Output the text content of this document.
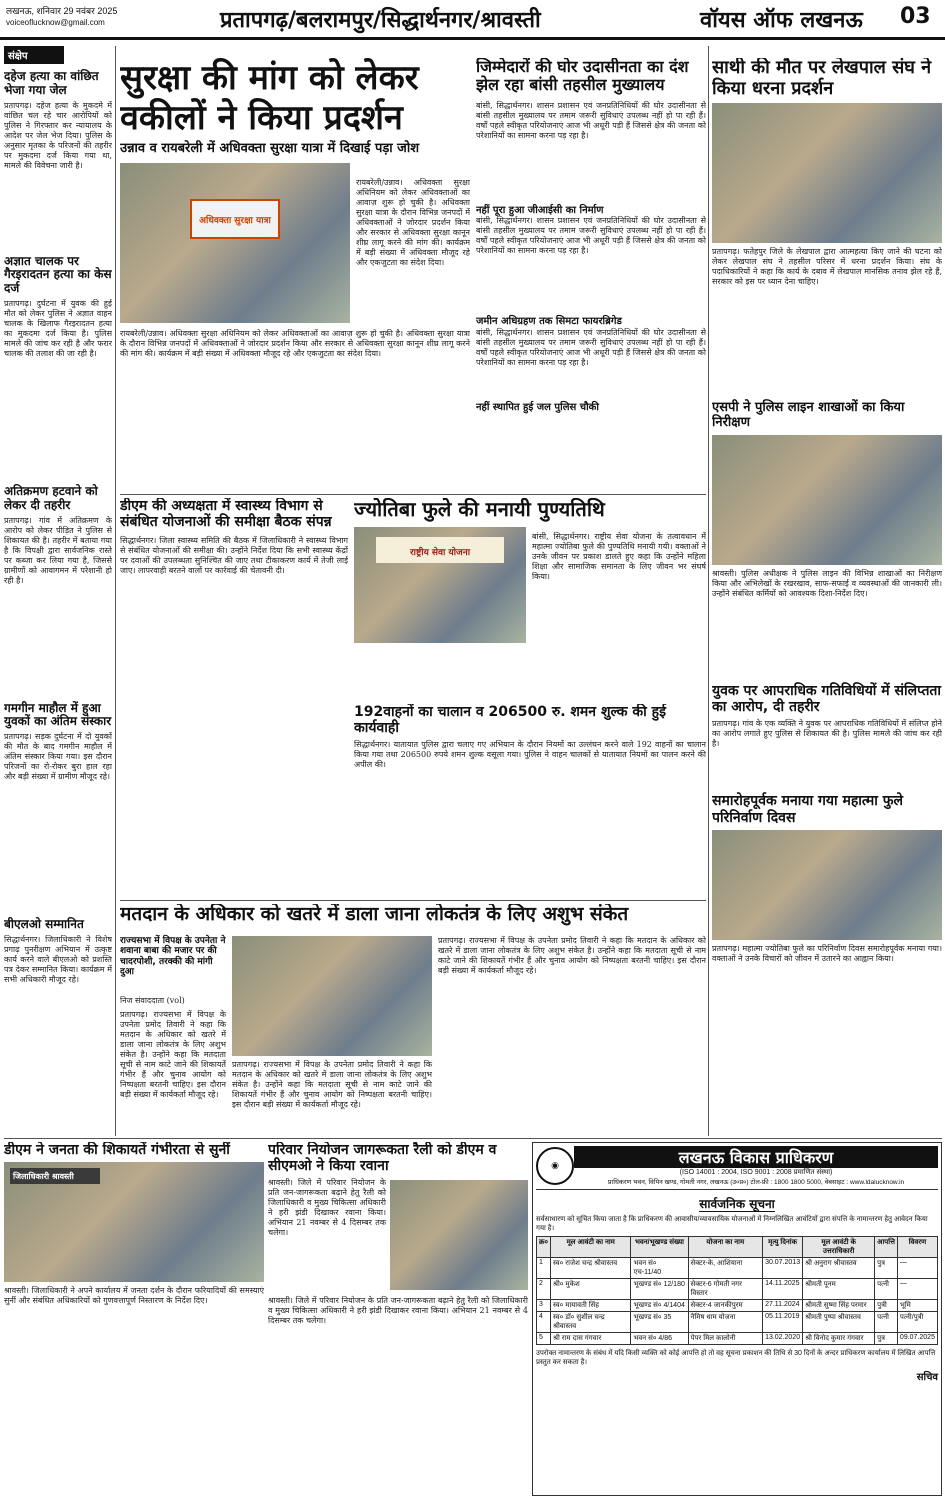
लखनऊ, शनिवार 29 नवंबर 2025
voiceoflucknow@gmail.com	प्रतापगढ़/बलरामपुर/सिद्धार्थनगर/श्रावस्ती	वॉयस ऑफ लखनऊ 03
संक्षेप
दहेज हत्या का वांछित भेजा गया जेल
प्रतापगढ़। दहेज हत्या के मुकदमे में वांछित चल रहे चार आरोपियों को पुलिस ने गिरफ्तार कर न्यायालय के आदेश पर जेल भेज दिया। पुलिस के अनुसार मृतका के परिजनों की तहरीर पर मुकदमा दर्ज किया गया था, मामले की विवेचना जारी है।
अज्ञात चालक पर गैरइरादतन हत्या का केस दर्ज
प्रतापगढ़। दुर्घटना में युवक की हुई मौत को लेकर पुलिस ने अज्ञात वाहन चालक के खिलाफ गैरइरादतन हत्या का मुकदमा दर्ज किया है। पुलिस मामले की जांच कर रही है और फरार चालक की तलाश की जा रही है।
अतिक्रमण हटवाने को लेकर दी तहरीर
प्रतापगढ़। गांव में अतिक्रमण के आरोप को लेकर पीड़ित ने पुलिस से शिकायत की है। तहरीर में बताया गया है कि विपक्षी द्वारा सार्वजनिक रास्ते पर कब्जा कर लिया गया है, जिससे ग्रामीणों को आवागमन में परेशानी हो रही है।
गमगीन माहौल में हुआ युवकों का अंतिम संस्कार
प्रतापगढ़। सड़क दुर्घटना में दो युवकों की मौत के बाद गमगीन माहौल में अंतिम संस्कार किया गया। इस दौरान परिजनों का रो-रोकर बुरा हाल रहा और बड़ी संख्या में ग्रामीण मौजूद रहे।
बीएलओ सम्मानित
सिद्धार्थनगर। जिलाधिकारी ने विशेष प्रगाढ़ पुनरीक्षण अभियान में उत्कृष्ट कार्य करने वाले बीएलओ को प्रशस्ति पत्र देकर सम्मानित किया। कार्यक्रम में सभी अधिकारी मौजूद रहे।
सुरक्षा की मांग को लेकर वकीलों ने किया प्रदर्शन
उन्नाव व रायबरेली में अधिवक्ता सुरक्षा यात्रा में दिखाई पड़ा जोश
अधिवक्ता सुरक्षा यात्रा
रायबरेली/उन्नाव। अधिवक्ता सुरक्षा अधिनियम को लेकर अधिवक्ताओं का आवाज़ शुरू हो चुकी है। अधिवक्ता सुरक्षा यात्रा के दौरान विभिन्न जनपदों में अधिवक्ताओं ने जोरदार प्रदर्शन किया और सरकार से अधिवक्ता सुरक्षा कानून शीघ्र लागू करने की मांग की। कार्यक्रम में बड़ी संख्या में अधिवक्ता मौजूद रहे और एकजुटता का संदेश दिया।
रायबरेली/उन्नाव। अधिवक्ता सुरक्षा अधिनियम को लेकर अधिवक्ताओं का आवाज़ शुरू हो चुकी है। अधिवक्ता सुरक्षा यात्रा के दौरान विभिन्न जनपदों में अधिवक्ताओं ने जोरदार प्रदर्शन किया और सरकार से अधिवक्ता सुरक्षा कानून शीघ्र लागू करने की मांग की। कार्यक्रम में बड़ी संख्या में अधिवक्ता मौजूद रहे और एकजुटता का संदेश दिया।
जिम्मेदारों की घोर उदासीनता का दंश झेल रहा बांसी तहसील मुख्यालय
बांसी, सिद्धार्थनगर। शासन प्रशासन एवं जनप्रतिनिधियों की घोर उदासीनता से बांसी तहसील मुख्यालय पर तमाम जरूरी सुविधाएं उपलब्ध नहीं हो पा रही हैं। वर्षों पहले स्वीकृत परियोजनाएं आज भी अधूरी पड़ी हैं जिससे क्षेत्र की जनता को परेशानियों का सामना करना पड़ रहा है।
नहीं पूरा हुआ जीआईसी का निर्माण
बांसी, सिद्धार्थनगर। शासन प्रशासन एवं जनप्रतिनिधियों की घोर उदासीनता से बांसी तहसील मुख्यालय पर तमाम जरूरी सुविधाएं उपलब्ध नहीं हो पा रही हैं। वर्षों पहले स्वीकृत परियोजनाएं आज भी अधूरी पड़ी हैं जिससे क्षेत्र की जनता को परेशानियों का सामना करना पड़ रहा है।
जमीन अधिग्रहण तक सिमटा फायरब्रिगेड
बांसी, सिद्धार्थनगर। शासन प्रशासन एवं जनप्रतिनिधियों की घोर उदासीनता से बांसी तहसील मुख्यालय पर तमाम जरूरी सुविधाएं उपलब्ध नहीं हो पा रही हैं। वर्षों पहले स्वीकृत परियोजनाएं आज भी अधूरी पड़ी हैं जिससे क्षेत्र की जनता को परेशानियों का सामना करना पड़ रहा है।
नहीं स्थापित हुई जल पुलिस चौकी
साथी की मौत पर लेखपाल संघ ने किया धरना प्रदर्शन
प्रतापगढ़। फतेहपुर जिले के लेखपाल द्वारा आत्महत्या किए जाने की घटना को लेकर लेखपाल संघ ने तहसील परिसर में धरना प्रदर्शन किया। संघ के पदाधिकारियों ने कहा कि कार्य के दबाव में लेखपाल मानसिक तनाव झेल रहे हैं, सरकार को इस पर ध्यान देना चाहिए।
एसपी ने पुलिस लाइन शाखाओं का किया निरीक्षण
श्रावस्ती। पुलिस अधीक्षक ने पुलिस लाइन की विभिन्न शाखाओं का निरीक्षण किया और अभिलेखों के रखरखाव, साफ-सफाई व व्यवस्थाओं की जानकारी ली। उन्होंने संबंधित कर्मियों को आवश्यक दिशा-निर्देश दिए।
युवक पर आपराधिक गतिविधियों में संलिप्तता का आरोप, दी तहरीर
प्रतापगढ़। गांव के एक व्यक्ति ने युवक पर आपराधिक गतिविधियों में संलिप्त होने का आरोप लगाते हुए पुलिस से शिकायत की है। पुलिस मामले की जांच कर रही है।
समारोहपूर्वक मनाया गया महात्मा फुले परिनिर्वाण दिवस
प्रतापगढ़। महात्मा ज्योतिबा फुले का परिनिर्वाण दिवस समारोहपूर्वक मनाया गया। वक्ताओं ने उनके विचारों को जीवन में उतारने का आह्वान किया।
डीएम की अध्यक्षता में स्वास्थ्य विभाग से संबंधित योजनाओं की समीक्षा बैठक संपन्न
सिद्धार्थनगर। जिला स्वास्थ्य समिति की बैठक में जिलाधिकारी ने स्वास्थ्य विभाग से संबंधित योजनाओं की समीक्षा की। उन्होंने निर्देश दिया कि सभी स्वास्थ्य केंद्रों पर दवाओं की उपलब्धता सुनिश्चित की जाए तथा टीकाकरण कार्य में तेजी लाई जाए। लापरवाही बरतने वालों पर कार्रवाई की चेतावनी दी।
ज्योतिबा फुले की मनायी पुण्यतिथि
राष्ट्रीय सेवा योजना
बांसी, सिद्धार्थनगर। राष्ट्रीय सेवा योजना के तत्वावधान में महात्मा ज्योतिबा फुले की पुण्यतिथि मनायी गयी। वक्ताओं ने उनके जीवन पर प्रकाश डालते हुए कहा कि उन्होंने महिला शिक्षा और सामाजिक समानता के लिए जीवन भर संघर्ष किया।
192वाहनों का चालान व 206500 रु. शमन शुल्क की हुई कार्यवाही
सिद्धार्थनगर। यातायात पुलिस द्वारा चलाए गए अभियान के दौरान नियमों का उल्लंघन करने वाले 192 वाहनों का चालान किया गया तथा 206500 रुपये शमन शुल्क वसूला गया। पुलिस ने वाहन चालकों से यातायात नियमों का पालन करने की अपील की।
मतदान के अधिकार को खतरे में डाला जाना लोकतंत्र के लिए अशुभ संकेत
राज्यसभा में विपक्ष के उपनेता ने शवाना बाबा की मजार पर की चादरपोशी, तरक्की की मांगी दुआ
निज संवाददाता (vol)
प्रतापगढ़। राज्यसभा में विपक्ष के उपनेता प्रमोद तिवारी ने कहा कि मतदान के अधिकार को खतरे में डाला जाना लोकतंत्र के लिए अशुभ संकेत है। उन्होंने कहा कि मतदाता सूची से नाम काटे जाने की शिकायतें गंभीर हैं और चुनाव आयोग को निष्पक्षता बरतनी चाहिए। इस दौरान बड़ी संख्या में कार्यकर्ता मौजूद रहे।
प्रतापगढ़। राज्यसभा में विपक्ष के उपनेता प्रमोद तिवारी ने कहा कि मतदान के अधिकार को खतरे में डाला जाना लोकतंत्र के लिए अशुभ संकेत है। उन्होंने कहा कि मतदाता सूची से नाम काटे जाने की शिकायतें गंभीर हैं और चुनाव आयोग को निष्पक्षता बरतनी चाहिए। इस दौरान बड़ी संख्या में कार्यकर्ता मौजूद रहे।
प्रतापगढ़। राज्यसभा में विपक्ष के उपनेता प्रमोद तिवारी ने कहा कि मतदान के अधिकार को खतरे में डाला जाना लोकतंत्र के लिए अशुभ संकेत है। उन्होंने कहा कि मतदाता सूची से नाम काटे जाने की शिकायतें गंभीर हैं और चुनाव आयोग को निष्पक्षता बरतनी चाहिए। इस दौरान बड़ी संख्या में कार्यकर्ता मौजूद रहे।
डीएम ने जनता की शिकायतें गंभीरता से सुनीं
जिलाधिकारी श्रावस्ती
श्रावस्ती। जिलाधिकारी ने अपने कार्यालय में जनता दर्शन के दौरान फरियादियों की समस्याएं सुनीं और संबंधित अधिकारियों को गुणवत्तापूर्ण निस्तारण के निर्देश दिए।
परिवार नियोजन जागरूकता रैली को डीएम व सीएमओ ने किया रवाना
श्रावस्ती। जिले में परिवार नियोजन के प्रति जन-जागरूकता बढ़ाने हेतु रैली को जिलाधिकारी व मुख्य चिकित्सा अधिकारी ने हरी झंडी दिखाकर रवाना किया। अभियान 21 नवम्बर से 4 दिसम्बर तक चलेगा।
श्रावस्ती। जिले में परिवार नियोजन के प्रति जन-जागरूकता बढ़ाने हेतु रैली को जिलाधिकारी व मुख्य चिकित्सा अधिकारी ने हरी झंडी दिखाकर रवाना किया। अभियान 21 नवम्बर से 4 दिसम्बर तक चलेगा।
◉	लखनऊ विकास प्राधिकरण
(ISO 14001 : 2004, ISO 9001 : 2008 प्रमाणित संस्था)
प्राधिकरण भवन, विपिन खण्ड, गोमती नगर, लखनऊ (उ०प्र०) टोल-फ्री : 1800 1800 5000, वेबसाइट : www.ldalucknow.in
सार्वजनिक सूचना
सर्वसाधारण को सूचित किया जाता है कि प्राधिकरण की आवासीय/व्यावसायिक योजनाओं में निम्नलिखित आवंटियों द्वारा संपत्ति के नामान्तरण हेतु आवेदन किया गया है।
क्र०	मूल आवंटी का नाम	भवन/भूखण्ड संख्या	योजना का नाम	मृत्यु दिनांक	मूल आवंटी के उत्तराधिकारी	आपत्ति	विवरण
1	स्व० राजेश चन्द्र श्रीवास्तव	भवन सं० एच-11/40	सेक्टर-के, आशियाना	30.07.2013	श्री अनुराग श्रीवास्तव	पुत्र	—
2	श्री० मुकेश	भूखण्ड सं० 12/180	सेक्टर-6 गोमती नगर विस्तार	14.11.2025	श्रीमती पूनम	पत्नी	—
3	स्व० मायावती सिंह	भूखण्ड सं० 4/1404	सेक्टर-4 जानकीपुरम	27.11.2024	श्रीमती सुष्मा सिंह परमार	पुत्री	भूमि
4	स्व० डॉ० सुशील चन्द्र श्रीवास्तव	भूखण्ड सं० 35	नैमिष धाम योजना	05.11.2019	श्रीमती पुष्पा श्रीवास्तव	पत्नी	पत्नी/पुत्री
5	श्री राम दास गंगवार	भवन सं० 4/86	पेपर मिल कालोनी	13.02.2020	श्री विनोद कुमार गंगवार	पुत्र	09.07.2025
उपरोक्त नामान्तरण के संबंध में यदि किसी व्यक्ति को कोई आपत्ति हो तो वह सूचना प्रकाशन की तिथि से 30 दिनों के अन्दर प्राधिकरण कार्यालय में लिखित आपत्ति प्रस्तुत कर सकता है।
सचिव
